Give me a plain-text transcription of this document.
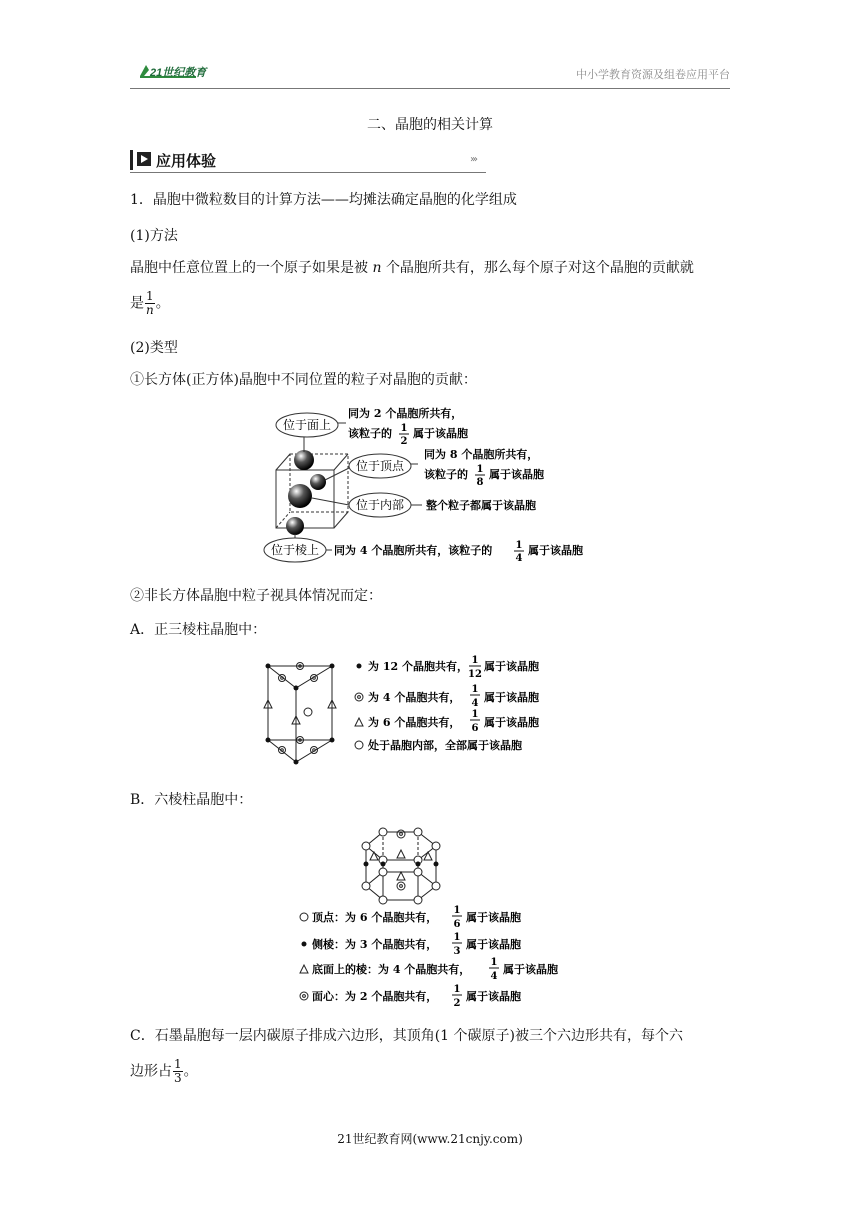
21世纪教育	中小学教育资源及组卷应用平台
二、晶胞的相关计算
应用体验	›››
1．晶胞中微粒数目的计算方法——均摊法确定晶胞的化学组成
(1)方法
晶胞中任意位置上的一个原子如果是被 n 个晶胞所共有，那么每个原子对这个晶胞的贡献就
是 $\frac{1}{n}$ 。
(2)类型
①长方体(正方体)晶胞中不同位置的粒子对晶胞的贡献：
位于面上
位于顶点
位于内部
位于棱上
同为 2 个晶胞所共有，
该粒子的 1
2
属于该晶胞
同为 8 个晶胞所共有，
该粒子的 1
8
属于该晶胞
整个粒子都属于该晶胞
同为 4 个晶胞所共有，该粒子的 1
4
属于该晶胞
②非长方体晶胞中粒子视具体情况而定：
A．正三棱柱晶胞中：
为 12 个晶胞共有， 1
12
属于该晶胞
为 4 个晶胞共有，
1
4 属于该晶胞
为 6 个晶胞共有，
1
6 属于该晶胞
处于晶胞内部，全部属于该晶胞
B．六棱柱晶胞中：
顶点：为 6 个晶胞共有，
1
6
属于该晶胞
侧棱：为 3 个晶胞共有，
1
3
属于该晶胞
底面上的棱：为 4 个晶胞共有，
1
4
属于该晶胞
面心：为 2 个晶胞共有，
1
2
属于该晶胞
C．石墨晶胞每一层内碳原子排成六边形，其顶角(1 个碳原子)被三个六边形共有，每个六
边形占 $\frac{1}{3}$ 。
21世纪教育网(www.21cnjy.com)
